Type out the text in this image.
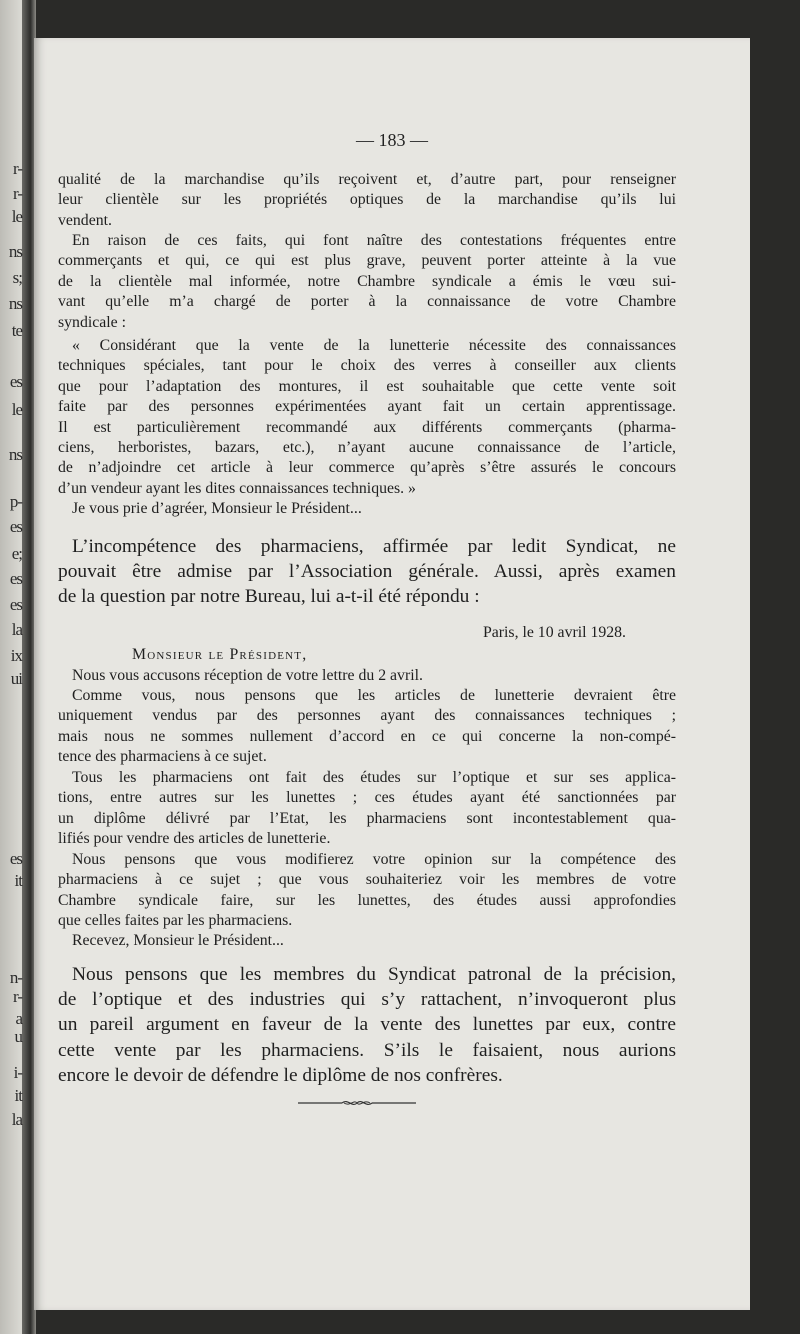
r-
r-
le
ns
s;
ns
te
es
le
ns
p-
es
e;
es
es
la
ix
ui
es
it
n-
r-
a
u
i-
it
la
— 183 —
qualité de la marchandise qu’ils reçoivent et, d’autre part, pour renseigner
leur clientèle sur les propriétés optiques de la marchandise qu’ils lui
vendent.
En raison de ces faits, qui font naître des contestations fréquentes entre
commerçants et qui, ce qui est plus grave, peuvent porter atteinte à la vue
de la clientèle mal informée, notre Chambre syndicale a émis le vœu sui-
vant qu’elle m’a chargé de porter à la connaissance de votre Chambre
syndicale :
« Considérant que la vente de la lunetterie nécessite des connaissances
techniques spéciales, tant pour le choix des verres à conseiller aux clients
que pour l’adaptation des montures, il est souhaitable que cette vente soit
faite par des personnes expérimentées ayant fait un certain apprentissage.
Il est particulièrement recommandé aux différents commerçants (pharma-
ciens, herboristes, bazars, etc.), n’ayant aucune connaissance de l’article,
de n’adjoindre cet article à leur commerce qu’après s’être assurés le concours
d’un vendeur ayant les dites connaissances techniques. »
Je vous prie d’agréer, Monsieur le Président...
L’incompétence des pharmaciens, affirmée par ledit Syndicat, ne
pouvait être admise par l’Association générale. Aussi, après examen
de la question par notre Bureau, lui a-t-il été répondu :
Paris, le 10 avril 1928.
Monsieur le Président,
Nous vous accusons réception de votre lettre du 2 avril.
Comme vous, nous pensons que les articles de lunetterie devraient être
uniquement vendus par des personnes ayant des connaissances techniques ;
mais nous ne sommes nullement d’accord en ce qui concerne la non-compé-
tence des pharmaciens à ce sujet.
Tous les pharmaciens ont fait des études sur l’optique et sur ses applica-
tions, entre autres sur les lunettes ; ces études ayant été sanctionnées par
un diplôme délivré par l’Etat, les pharmaciens sont incontestablement qua-
lifiés pour vendre des articles de lunetterie.
Nous pensons que vous modifierez votre opinion sur la compétence des
pharmaciens à ce sujet ; que vous souhaiteriez voir les membres de votre
Chambre syndicale faire, sur les lunettes, des études aussi approfondies
que celles faites par les pharmaciens.
Recevez, Monsieur le Président...
Nous pensons que les membres du Syndicat patronal de la précision,
de l’optique et des industries qui s’y rattachent, n’invoqueront plus
un pareil argument en faveur de la vente des lunettes par eux, contre
cette vente par les pharmaciens. S’ils le faisaient, nous aurions
encore le devoir de défendre le diplôme de nos confrères.
